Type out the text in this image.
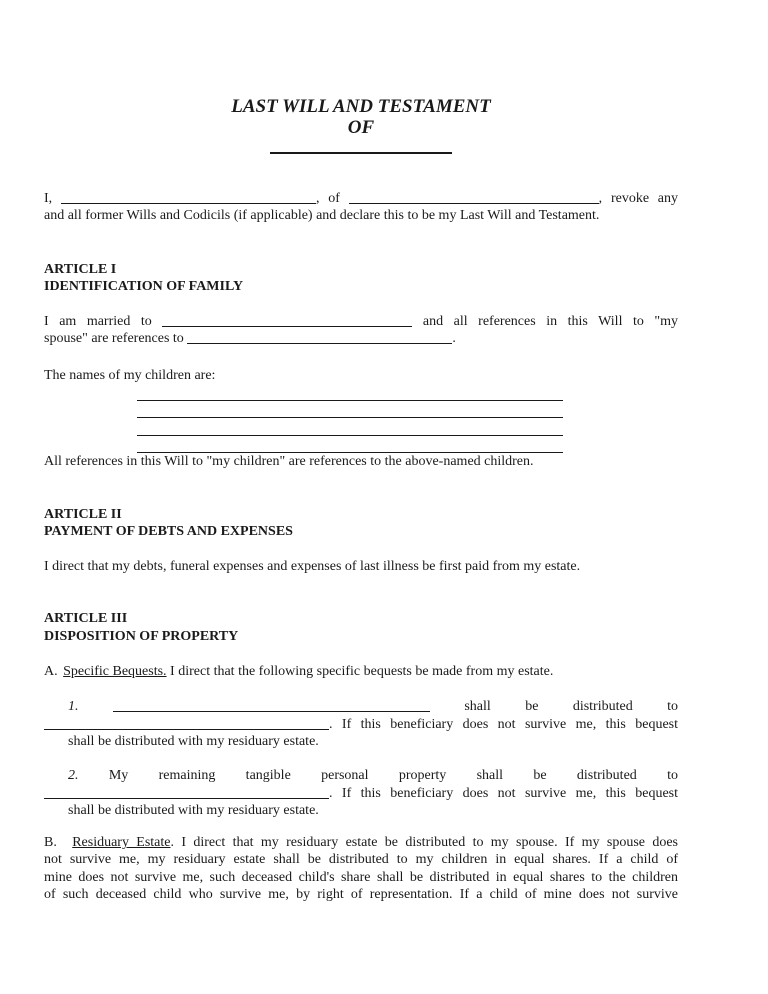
LAST WILL AND TESTAMENT
OF
I,	, of	, revoke any
and all former Wills and Codicils (if applicable) and declare this to be my Last Will and Testament.
ARTICLE I
IDENTIFICATION OF FAMILY
I am married to	and all references in this Will to "my
spouse" are references to	.
The names of my children are:
All references in this Will to "my children" are references to the above-named children.
ARTICLE II
PAYMENT OF DEBTS AND EXPENSES
I direct that my debts, funeral expenses and expenses of last illness be first paid from my estate.
ARTICLE III
DISPOSITION OF PROPERTY
A. Specific Bequests. I direct that the following specific bequests be made from my estate.
1.	shall be distributed to
. If this beneficiary does not survive me, this bequest
shall be distributed with my residuary estate.
2. My remaining tangible personal property shall be distributed to
. If this beneficiary does not survive me, this bequest
shall be distributed with my residuary estate.
B. Residuary Estate. I direct that my residuary estate be distributed to my spouse. If my spouse does
not survive me, my residuary estate shall be distributed to my children in equal shares. If a child of
mine does not survive me, such deceased child's share shall be distributed in equal shares to the children
of such deceased child who survive me, by right of representation. If a child of mine does not survive
